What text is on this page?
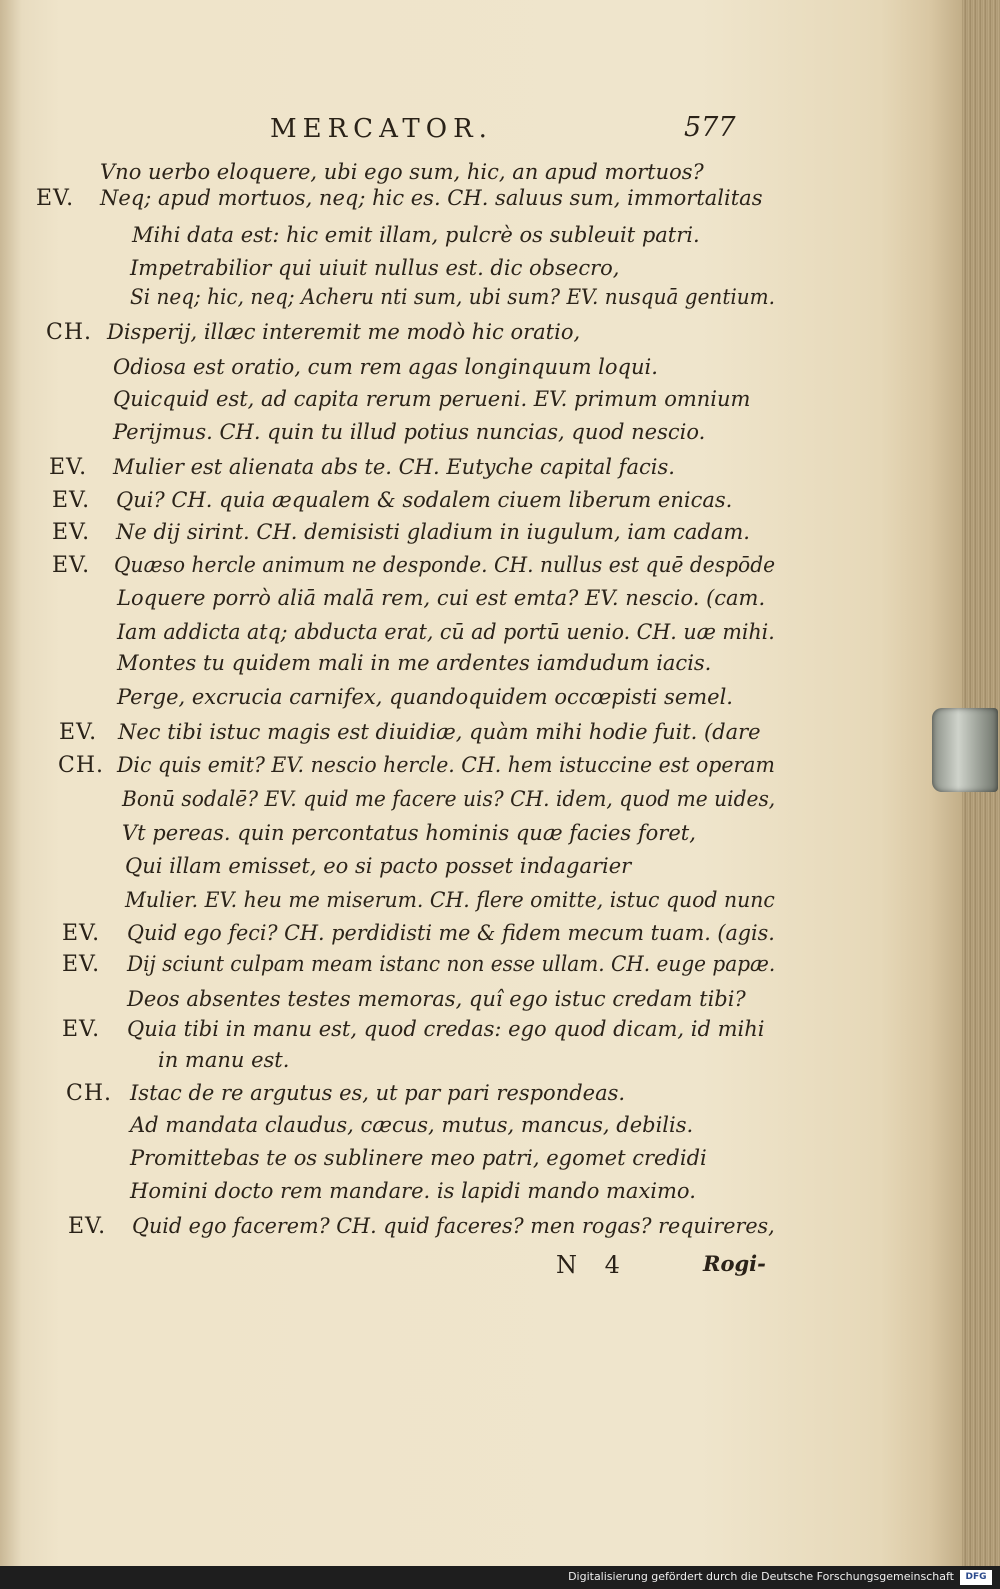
MERCATOR.	577
Vno uerbo eloquere, ubi ego sum, hic, an apud mortuos?
EV. Neq; apud mortuos, neq; hic es. CH. saluus sum, immortalitas
Mihi data est: hic emit illam, pulcrè os subleuit patri.
Impetrabilior qui uiuit nullus est. dic obsecro,
Si neq; hic, neq; Acheru nti sum, ubi sum? EV. nusquā gentium.
CH. Disperij, illæc interemit me modò hic oratio,
Odiosa est oratio, cum rem agas longinquum loqui.
Quicquid est, ad capita rerum perueni. EV. primum omnium
Perijmus. CH. quin tu illud potius nuncias, quod nescio.
EV. Mulier est alienata abs te. CH. Eutyche capital facis.
EV. Qui? CH. quia æqualem & sodalem ciuem liberum enicas.
EV. Ne dij sirint. CH. demisisti gladium in iugulum, iam cadam.
EV. Quæso hercle animum ne desponde. CH. nullus est quē despōde
Loquere porrò aliā malā rem, cui est emta? EV. nescio. (cam.
Iam addicta atq; abducta erat, cū ad portū uenio. CH. uæ mihi.
Montes tu quidem mali in me ardentes iamdudum iacis.
Perge, excrucia carnifex, quandoquidem occœpisti semel.
EV. Nec tibi istuc magis est diuidiæ, quàm mihi hodie fuit. (dare
CH. Dic quis emit? EV. nescio hercle. CH. hem istuccine est operam
Bonū sodalē? EV. quid me facere uis? CH. idem, quod me uides,
Vt pereas. quin percontatus hominis quæ facies foret,
Qui illam emisset, eo si pacto posset indagarier
Mulier. EV. heu me miserum. CH. flere omitte, istuc quod nunc
EV. Quid ego feci? CH. perdidisti me & fidem mecum tuam. (agis.
EV. Dij sciunt culpam meam istanc non esse ullam. CH. euge papæ.
Deos absentes testes memoras, quî ego istuc credam tibi?
EV. Quia tibi in manu est, quod credas: ego quod dicam, id mihi
in manu est.
CH. Istac de re argutus es, ut par pari respondeas.
Ad mandata claudus, cæcus, mutus, mancus, debilis.
Promittebas te os sublinere meo patri, egomet credidi
Homini docto rem mandare. is lapidi mando maximo.
EV. Quid ego facerem? CH. quid faceres? men rogas? requireres,
N 4	Rogi-
Digitalisierung gefördert durch die Deutsche Forschungsgemeinschaft	DFG
